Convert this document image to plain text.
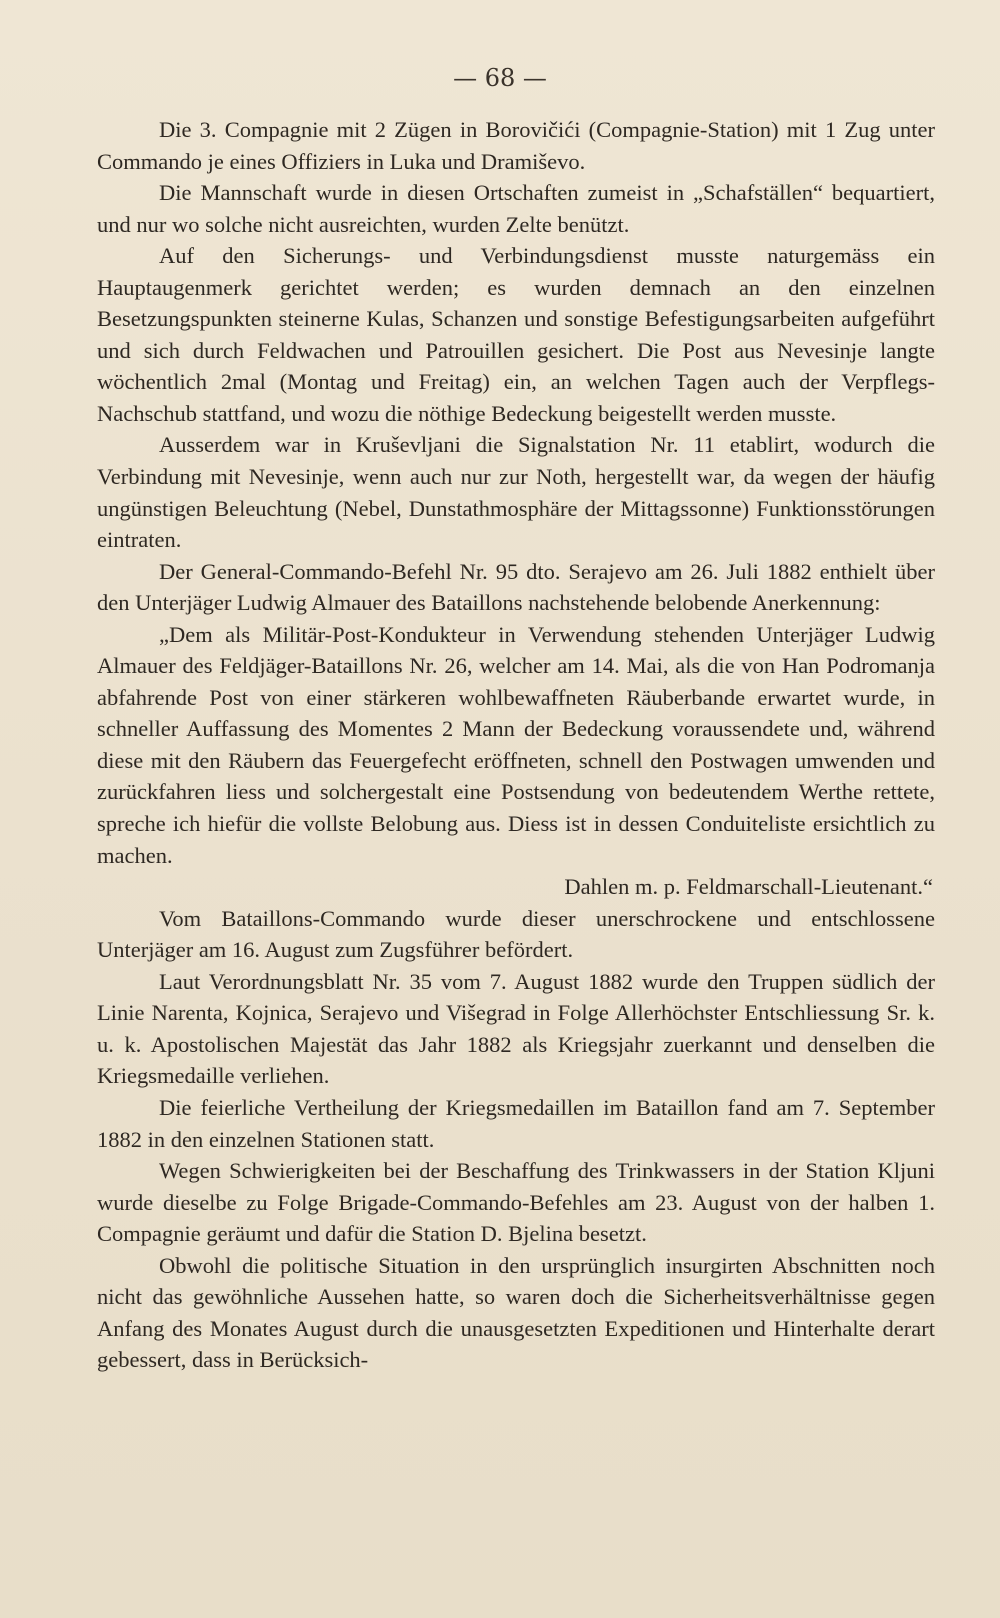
— 68 —

Die 3. Compagnie mit 2 Zügen in Borovičići (Compagnie-Station) mit 1 Zug unter Commando je eines Offiziers in Luka und Dramiševo.

Die Mannschaft wurde in diesen Ortschaften zumeist in „Schafställen“ bequartiert, und nur wo solche nicht ausreichten, wurden Zelte benützt.

Auf den Sicherungs- und Verbindungsdienst musste naturgemäss ein Hauptaugenmerk gerichtet werden; es wurden demnach an den einzelnen Besetzungspunkten steinerne Kulas, Schanzen und sonstige Befestigungsarbeiten aufgeführt und sich durch Feldwachen und Patrouillen gesichert. Die Post aus Nevesinje langte wöchentlich 2mal (Montag und Freitag) ein, an welchen Tagen auch der Verpflegs-Nachschub stattfand, und wozu die nöthige Bedeckung beigestellt werden musste.

Ausserdem war in Kruševljani die Signalstation Nr. 11 etablirt, wodurch die Verbindung mit Nevesinje, wenn auch nur zur Noth, hergestellt war, da wegen der häufig ungünstigen Beleuchtung (Nebel, Dunstathmosphäre der Mittagssonne) Funktionsstörungen eintraten.

Der General-Commando-Befehl Nr. 95 dto. Serajevo am 26. Juli 1882 enthielt über den Unterjäger Ludwig Almauer des Bataillons nachstehende belobende Anerkennung:

„Dem als Militär-Post-Kondukteur in Verwendung stehenden Unterjäger Ludwig Almauer des Feldjäger-Bataillons Nr. 26, welcher am 14. Mai, als die von Han Podromanja abfahrende Post von einer stärkeren wohlbewaffneten Räuberbande erwartet wurde, in schneller Auffassung des Momentes 2 Mann der Bedeckung voraussendete und, während diese mit den Räubern das Feuergefecht eröffneten, schnell den Postwagen umwenden und zurückfahren liess und solchergestalt eine Postsendung von bedeutendem Werthe rettete, spreche ich hiefür die vollste Belobung aus. Diess ist in dessen Conduiteliste ersichtlich zu machen.

Dahlen m. p. Feldmarschall-Lieutenant.“

Vom Bataillons-Commando wurde dieser unerschrockene und entschlossene Unterjäger am 16. August zum Zugsführer befördert.

Laut Verordnungsblatt Nr. 35 vom 7. August 1882 wurde den Truppen südlich der Linie Narenta, Kojnica, Serajevo und Višegrad in Folge Allerhöchster Entschliessung Sr. k. u. k. Apostolischen Majestät das Jahr 1882 als Kriegsjahr zuerkannt und denselben die Kriegsmedaille verliehen.

Die feierliche Vertheilung der Kriegsmedaillen im Bataillon fand am 7. September 1882 in den einzelnen Stationen statt.

Wegen Schwierigkeiten bei der Beschaffung des Trinkwassers in der Station Kljuni wurde dieselbe zu Folge Brigade-Commando-Befehles am 23. August von der halben 1. Compagnie geräumt und dafür die Station D. Bjelina besetzt.

Obwohl die politische Situation in den ursprünglich insurgirten Abschnitten noch nicht das gewöhnliche Aussehen hatte, so waren doch die Sicherheitsverhältnisse gegen Anfang des Monates August durch die unausgesetzten Expeditionen und Hinterhalte derart gebessert, dass in Berücksich-
